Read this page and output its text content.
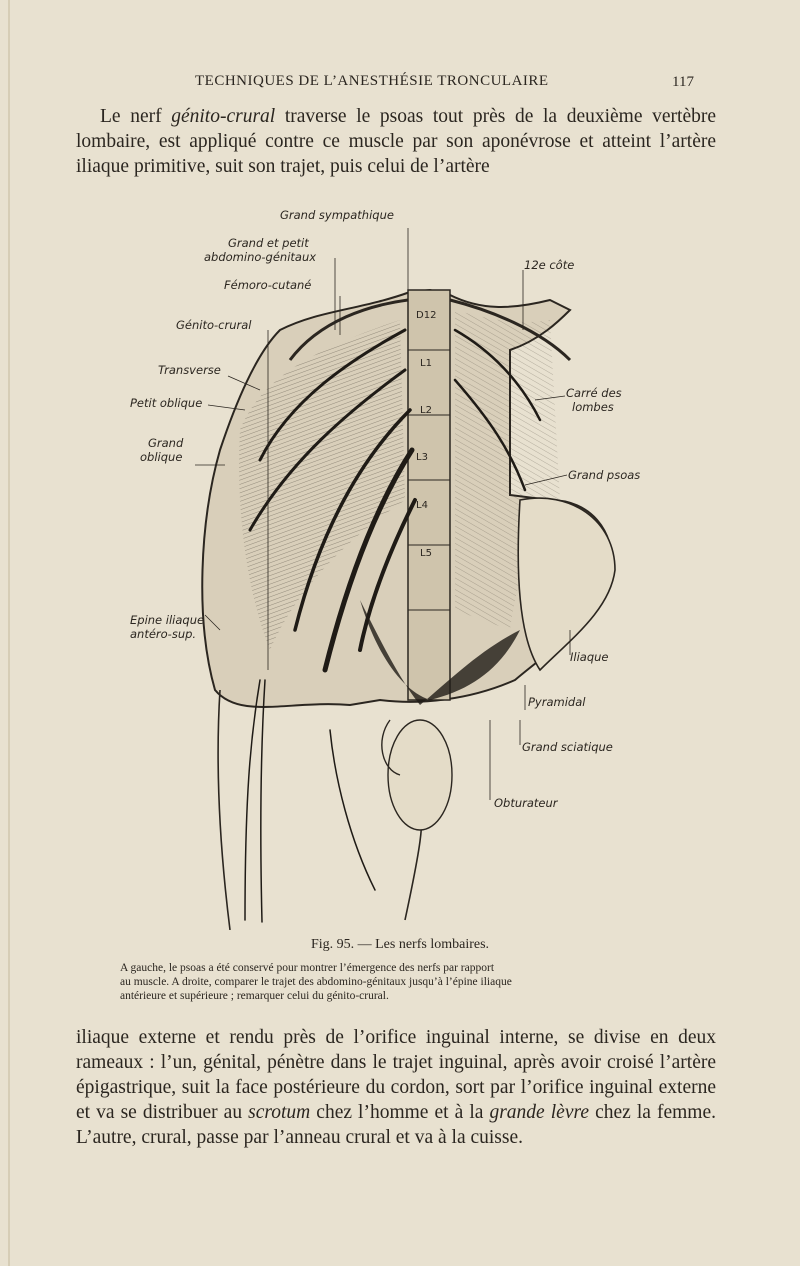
TECHNIQUES DE L’ANESTHÉSIE TRONCULAIRE	117

Le nerf génito-crural traverse le psoas tout près de la deuxième vertèbre lombaire, est appliqué contre ce muscle par son aponévrose et atteint l’artère iliaque primitive, suit son trajet, puis celui de l’artère

Grand sympathique
Grand et petit
abdomino-génitaux
Fémoro-cutané
Génito-crural
Transverse
Petit oblique
Grand
oblique
Epine iliaque
antéro-sup.
12e côte
Carré des
lombes
Grand psoas
Iliaque
Pyramidal
Grand sciatique
Obturateur
D12
L1
L2
L3
L4
L5
Fig. 95. — Les nerfs lombaires.
A gauche, le psoas a été conservé pour montrer l’émergence des nerfs par rapport
au muscle. A droite, comparer le trajet des abdomino-génitaux jusqu’à l’épine iliaque
antérieure et supérieure ; remarquer celui du génito-crural.

iliaque externe et rendu près de l’orifice inguinal interne, se divise en deux rameaux : l’un, génital, pénètre dans le trajet inguinal, après avoir croisé l’artère épigastrique, suit la face postérieure du cordon, sort par l’orifice inguinal externe et va se distribuer au scrotum chez l’homme et à la grande lèvre chez la femme. L’autre, crural, passe par l’anneau crural et va à la cuisse.
